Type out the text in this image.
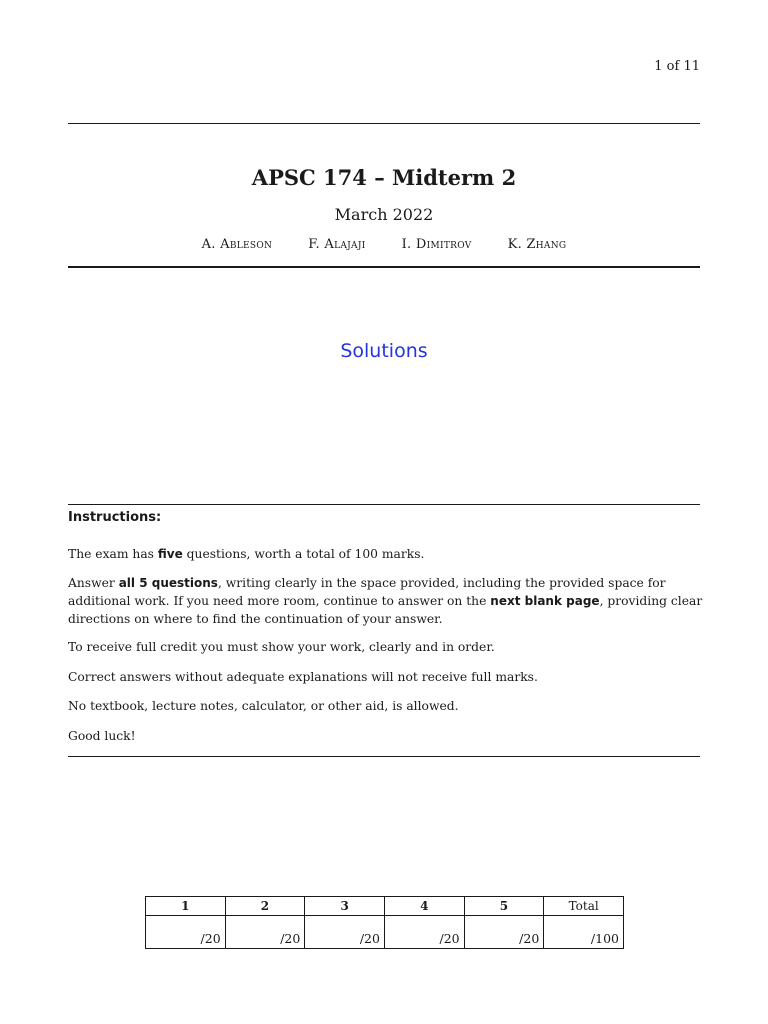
1 of 11
APSC 174 – Midterm 2
March 2022
A. Ableson	F. Alajaji	I. Dimitrov	K. Zhang
Solutions
Instructions:
The exam has five questions, worth a total of 100 marks.
Answer all 5 questions, writing clearly in the space provided, including the provided space for additional work. If you need more room, continue to answer on the next blank page, providing clear directions on where to find the continuation of your answer.
To receive full credit you must show your work, clearly and in order.
Correct answers without adequate explanations will not receive full marks.
No textbook, lecture notes, calculator, or other aid, is allowed.
Good luck!
1	2	3	4	5	Total
/20	/20	/20	/20	/20	/100
